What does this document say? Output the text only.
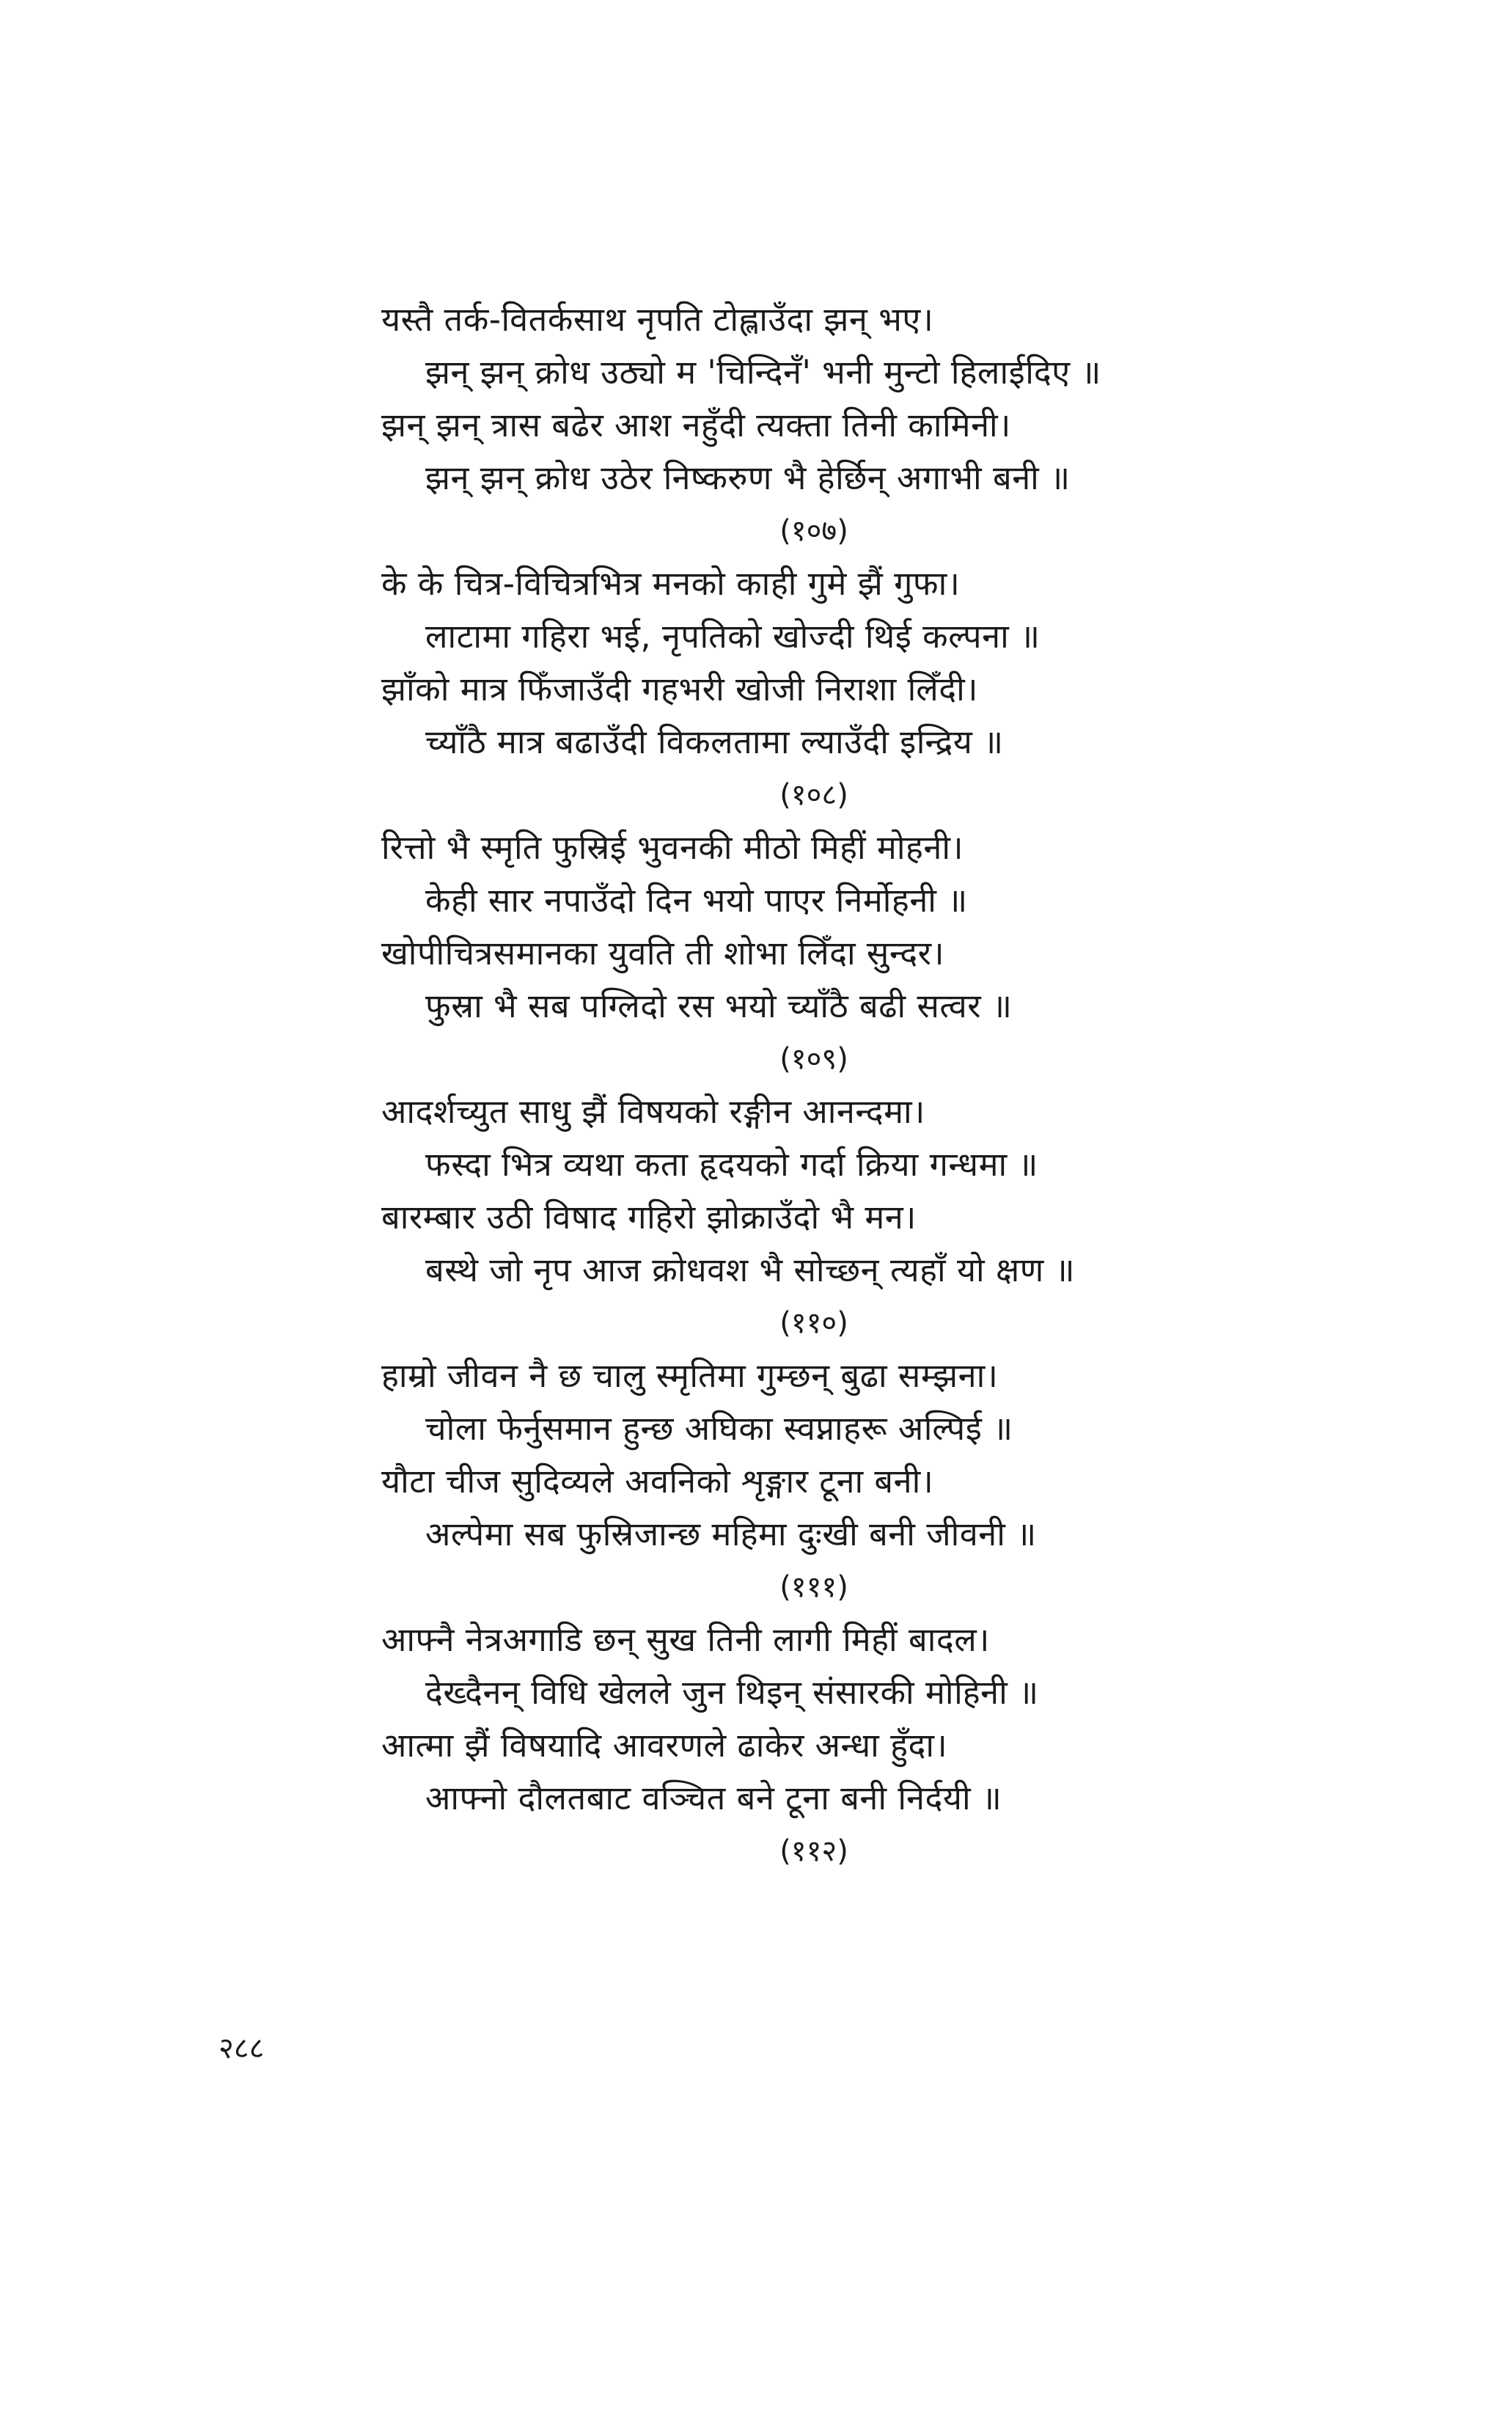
यस्तै तर्क-वितर्कसाथ नृपति टोह्लाउँदा झन् भए।
झन् झन् क्रोध उठ्यो म 'चिन्दिनँ' भनी मुन्टो हिलाईदिए ॥
झन् झन् त्रास बढेर आश नहुँदी त्यक्ता तिनी कामिनी।
झन् झन् क्रोध उठेर निष्करुण भै हेर्छिन् अगाभी बनी ॥
(१०७)
के के चित्र-विचित्रभित्र मनको काही गुमे झैं गुफा।
लाटामा गहिरा भई, नृपतिको खोज्दी थिई कल्पना ॥
झाँको मात्र फिँजाउँदी गहभरी खोजी निराशा लिँदी।
च्याँठै मात्र बढाउँदी विकलतामा ल्याउँदी इन्द्रिय ॥
(१०८)
रित्तो भै स्मृति फुस्रिई भुवनकी मीठो मिहीं मोहनी।
केही सार नपाउँदो दिन भयो पाएर निर्मोहनी ॥
खोपीचित्रसमानका युवति ती शोभा लिँदा सुन्दर।
फुस्रा भै सब पग्लिदो रस भयो च्याँठै बढी सत्वर ॥
(१०९)
आदर्शच्युत साधु झैं विषयको रङ्गीन आनन्दमा।
फस्दा भित्र व्यथा कता हृदयको गर्दा क्रिया गन्धमा ॥
बारम्बार उठी विषाद गहिरो झोक्राउँदो भै मन।
बस्थे जो नृप आज क्रोधवश भै सोच्छन् त्यहाँ यो क्षण ॥
(११०)
हाम्रो जीवन नै छ चालु स्मृतिमा गुम्छन् बुढा सम्झना।
चोला फेर्नुसमान हुन्छ अघिका स्वप्नाहरू अल्पिई ॥
यौटा चीज सुदिव्यले अवनिको शृङ्गार टूना बनी।
अल्पेमा सब फुस्रिजान्छ महिमा दुःखी बनी जीवनी ॥
(१११)
आफ्नै नेत्रअगाडि छन् सुख तिनी लागी मिहीं बादल।
देख्दैनन् विधि खेलले जुन थिइन् संसारकी मोहिनी ॥
आत्मा झैं विषयादि आवरणले ढाकेर अन्धा हुँदा।
आफ्नो दौलतबाट वञ्चित बने टूना बनी निर्दयी ॥
(११२)
२८८
